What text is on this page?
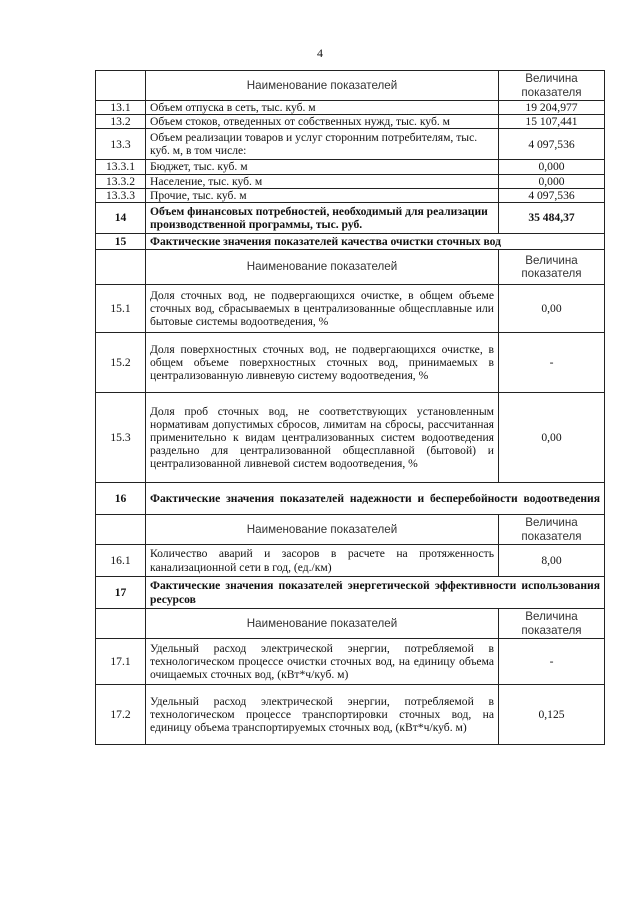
4
	Наименование показателей	Величина показателя
13.1	Объем отпуска в сеть, тыс. куб. м	19 204,977
13.2	Объем стоков, отведенных от собственных нужд, тыс. куб. м	15 107,441
13.3	Объем реализации товаров и услуг сторонним потребителям, тыс. куб. м, в том числе:	4 097,536
13.3.1	Бюджет, тыс. куб. м	0,000
13.3.2	Население, тыс. куб. м	0,000
13.3.3	Прочие, тыс. куб. м	4 097,536
14	Объем финансовых потребностей, необходимый для реализации производственной программы, тыс. руб.	35 484,37
15	Фактические значения показателей качества очистки сточных вод	
	Наименование показателей	Величина показателя
15.1	Доля сточных вод, не подвергающихся очистке, в общем объеме сточных вод, сбрасываемых в централизованные общесплавные или бытовые системы водоотведения, %	0,00
15.2	Доля поверхностных сточных вод, не подвергающихся очистке, в общем объеме поверхностных сточных вод, принимаемых в централизованную ливневую систему водоотведения, %	-
15.3	Доля проб сточных вод, не соответствующих установленным нормативам допустимых сбросов, лимитам на сбросы, рассчитанная применительно к видам централизованных систем водоотведения раздельно для централизованной общесплавной (бытовой) и централизованной ливневой систем водоотведения, %	0,00
16	Фактические значения показателей надежности и бесперебойности водоотведения	
	Наименование показателей	Величина показателя
16.1	Количество аварий и засоров в расчете на протяженность канализационной сети в год, (ед./км)	8,00
17	Фактические значения показателей энергетической эффективности использования ресурсов	
	Наименование показателей	Величина показателя
17.1	Удельный расход электрической энергии, потребляемой в технологическом процессе очистки сточных вод, на единицу объема очищаемых сточных вод, (кВт*ч/куб. м)	-
17.2	Удельный расход электрической энергии, потребляемой в технологическом процессе транспортировки сточных вод, на единицу объема транспортируемых сточных вод, (кВт*ч/куб. м)	0,125
